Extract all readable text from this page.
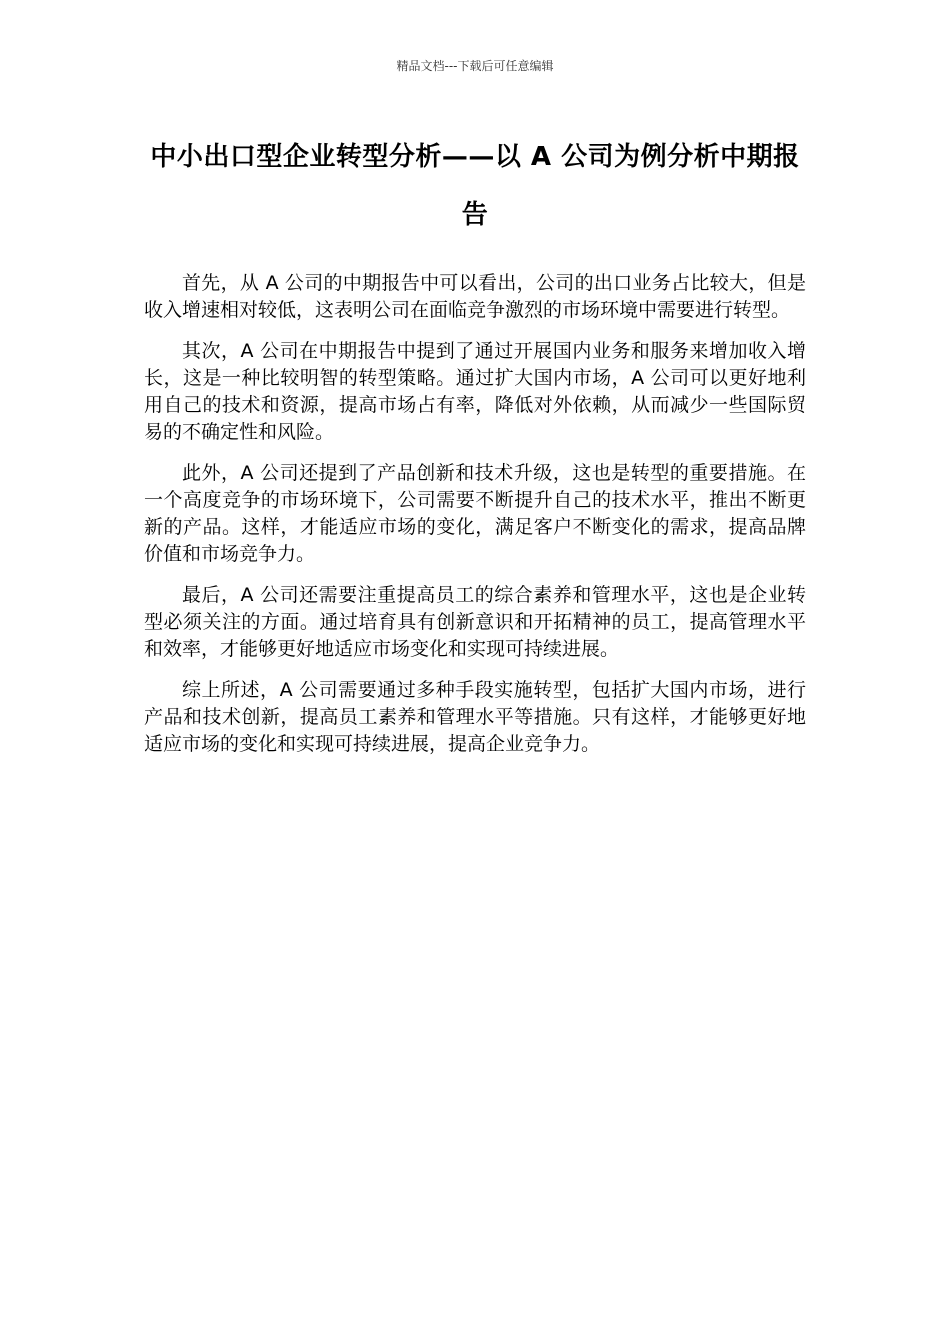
精品文档---下载后可任意编辑
中小出口型企业转型分析——以 A 公司为例分析中期报告

首先，从 A 公司的中期报告中可以看出，公司的出口业务占比较大，但是收入增速相对较低，这表明公司在面临竞争激烈的市场环境中需要进行转型。

其次，A 公司在中期报告中提到了通过开展国内业务和服务来增加收入增长，这是一种比较明智的转型策略。通过扩大国内市场，A 公司可以更好地利用自己的技术和资源，提高市场占有率，降低对外依赖，从而减少一些国际贸易的不确定性和风险。

此外，A 公司还提到了产品创新和技术升级，这也是转型的重要措施。在一个高度竞争的市场环境下，公司需要不断提升自己的技术水平，推出不断更新的产品。这样，才能适应市场的变化，满足客户不断变化的需求，提高品牌价值和市场竞争力。

最后，A 公司还需要注重提高员工的综合素养和管理水平，这也是企业转型必须关注的方面。通过培育具有创新意识和开拓精神的员工，提高管理水平和效率，才能够更好地适应市场变化和实现可持续进展。

综上所述，A 公司需要通过多种手段实施转型，包括扩大国内市场，进行产品和技术创新，提高员工素养和管理水平等措施。只有这样，才能够更好地适应市场的变化和实现可持续进展，提高企业竞争力。
